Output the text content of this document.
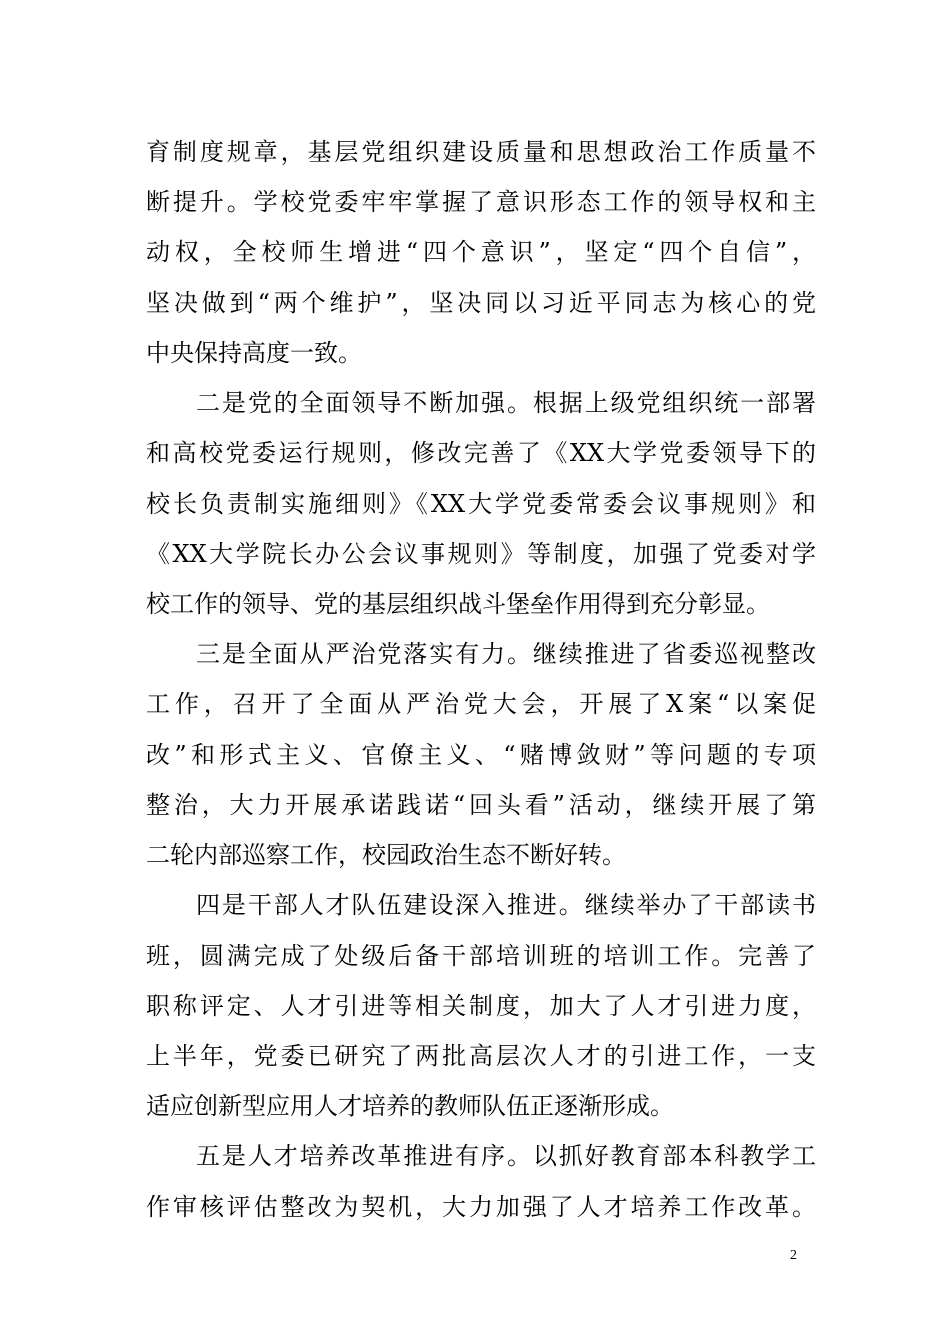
育制度规章，基层党组织建设质量和思想政治工作质量不
断提升。学校党委牢牢掌握了意识形态工作的领导权和主
动权，全校师生增进“四个意识”，坚定“四个自信”，
坚决做到“两个维护”，坚决同以习近平同志为核心的党
中央保持高度一致。
二是党的全面领导不断加强。根据上级党组织统一部署
和高校党委运行规则，修改完善了《XX大学党委领导下的
校长负责制实施细则》《XX大学党委常委会议事规则》和
《XX大学院长办公会议事规则》等制度，加强了党委对学
校工作的领导、党的基层组织战斗堡垒作用得到充分彰显。
三是全面从严治党落实有力。继续推进了省委巡视整改
工作，召开了全面从严治党大会，开展了X案“以案促
改”和形式主义、官僚主义、“赌博敛财”等问题的专项
整治，大力开展承诺践诺“回头看”活动，继续开展了第
二轮内部巡察工作，校园政治生态不断好转。
四是干部人才队伍建设深入推进。继续举办了干部读书
班，圆满完成了处级后备干部培训班的培训工作。完善了
职称评定、人才引进等相关制度，加大了人才引进力度，
上半年，党委已研究了两批高层次人才的引进工作，一支
适应创新型应用人才培养的教师队伍正逐渐形成。
五是人才培养改革推进有序。以抓好教育部本科教学工
作审核评估整改为契机，大力加强了人才培养工作改革。
2
